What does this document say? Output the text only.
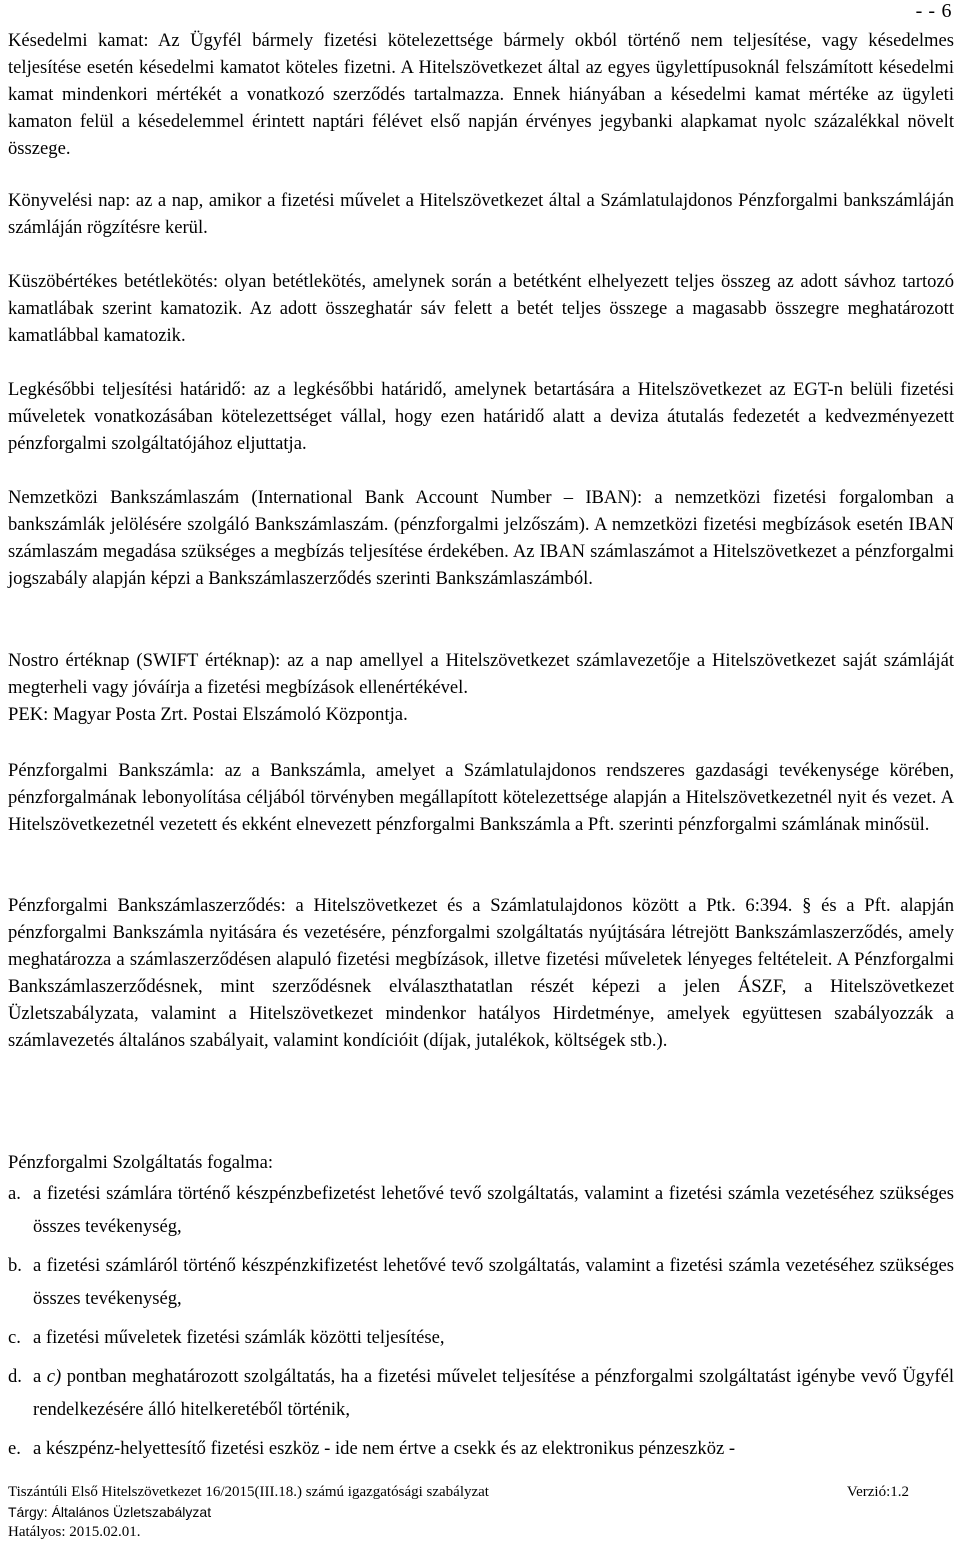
- - 6

Késedelmi kamat: Az Ügyfél bármely fizetési kötelezettsége bármely okból történő nem teljesítése, vagy késedelmes teljesítése esetén késedelmi kamatot köteles fizetni. A Hitelszövetkezet által az egyes ügylettípusoknál felszámított késedelmi kamat mindenkori mértékét a vonatkozó szerződés tartalmazza. Ennek hiányában a késedelmi kamat mértéke az ügyleti kamaton felül a késedelemmel érintett naptári félévet első napján érvényes jegybanki alapkamat nyolc százalékkal növelt összege.

Könyvelési nap: az a nap, amikor a fizetési művelet a Hitelszövetkezet által a Számlatulajdonos Pénzforgalmi bankszámláján számláján rögzítésre kerül.

Küszöbértékes betétlekötés: olyan betétlekötés, amelynek során a betétként elhelyezett teljes összeg az adott sávhoz tartozó kamatlábak szerint kamatozik. Az adott összeghatár sáv felett a betét teljes összege a magasabb összegre meghatározott kamatlábbal kamatozik.

Legkésőbbi teljesítési határidő: az a legkésőbbi határidő, amelynek betartására a Hitelszövetkezet az EGT-n belüli fizetési műveletek vonatkozásában kötelezettséget vállal, hogy ezen határidő alatt a deviza átutalás fedezetét a kedvezményezett pénzforgalmi szolgáltatójához eljuttatja.

Nemzetközi Bankszámlaszám (International Bank Account Number – IBAN): a nemzetközi fizetési forgalomban a bankszámlák jelölésére szolgáló Bankszámlaszám. (pénzforgalmi jelzőszám). A nemzetközi fizetési megbízások esetén IBAN számlaszám megadása szükséges a megbízás teljesítése érdekében. Az IBAN számlaszámot a Hitelszövetkezet a pénzforgalmi jogszabály alapján képzi a Bankszámlaszerződés szerinti Bankszámlaszámból.

Nostro értéknap (SWIFT értéknap): az a nap amellyel a Hitelszövetkezet számlavezetője a Hitelszövetkezet saját számláját megterheli vagy jóváírja a fizetési megbízások ellenértékével.

PEK: Magyar Posta Zrt. Postai Elszámoló Központja.

Pénzforgalmi Bankszámla: az a Bankszámla, amelyet a Számlatulajdonos rendszeres gazdasági tevékenysége körében, pénzforgalmának lebonyolítása céljából törvényben megállapított kötelezettsége alapján a Hitelszövetkezetnél nyit és vezet. A Hitelszövetkezetnél vezetett és ekként elnevezett pénzforgalmi Bankszámla a Pft. szerinti pénzforgalmi számlának minősül.

Pénzforgalmi Bankszámlaszerződés: a Hitelszövetkezet és a Számlatulajdonos között a Ptk. 6:394. § és a Pft. alapján pénzforgalmi Bankszámla nyitására és vezetésére, pénzforgalmi szolgáltatás nyújtására létrejött Bankszámlaszerződés, amely meghatározza a számlaszerződésen alapuló fizetési megbízások, illetve fizetési műveletek lényeges feltételeit. A Pénzforgalmi Bankszámlaszerződésnek, mint szerződésnek elválaszthatatlan részét képezi a jelen ÁSZF, a Hitelszövetkezet Üzletszabályzata, valamint a Hitelszövetkezet mindenkor hatályos Hirdetménye, amelyek együttesen szabályozzák a számlavezetés általános szabályait, valamint kondícióit (díjak, jutalékok, költségek stb.).

Pénzforgalmi Szolgáltatás fogalma:

a. a fizetési számlára történő készpénzbefizetést lehetővé tevő szolgáltatás, valamint a fizetési számla vezetéséhez szükséges összes tevékenység,
b. a fizetési számláról történő készpénzkifizetést lehetővé tevő szolgáltatás, valamint a fizetési számla vezetéséhez szükséges összes tevékenység,
c. a fizetési műveletek fizetési számlák közötti teljesítése,
d. a c) pontban meghatározott szolgáltatás, ha a fizetési művelet teljesítése a pénzforgalmi szolgáltatást igénybe vevő Ügyfél rendelkezésére álló hitelkeretéből történik,
e. a készpénz-helyettesítő fizetési eszköz - ide nem értve a csekk és az elektronikus pénzeszköz -
Tiszántúli Első Hitelszövetkezet 16/2015(III.18.) számú igazgatósági szabályzat	Verzió:1.2
Tárgy: Általános Üzletszabályzat
Hatályos: 2015.02.01.
